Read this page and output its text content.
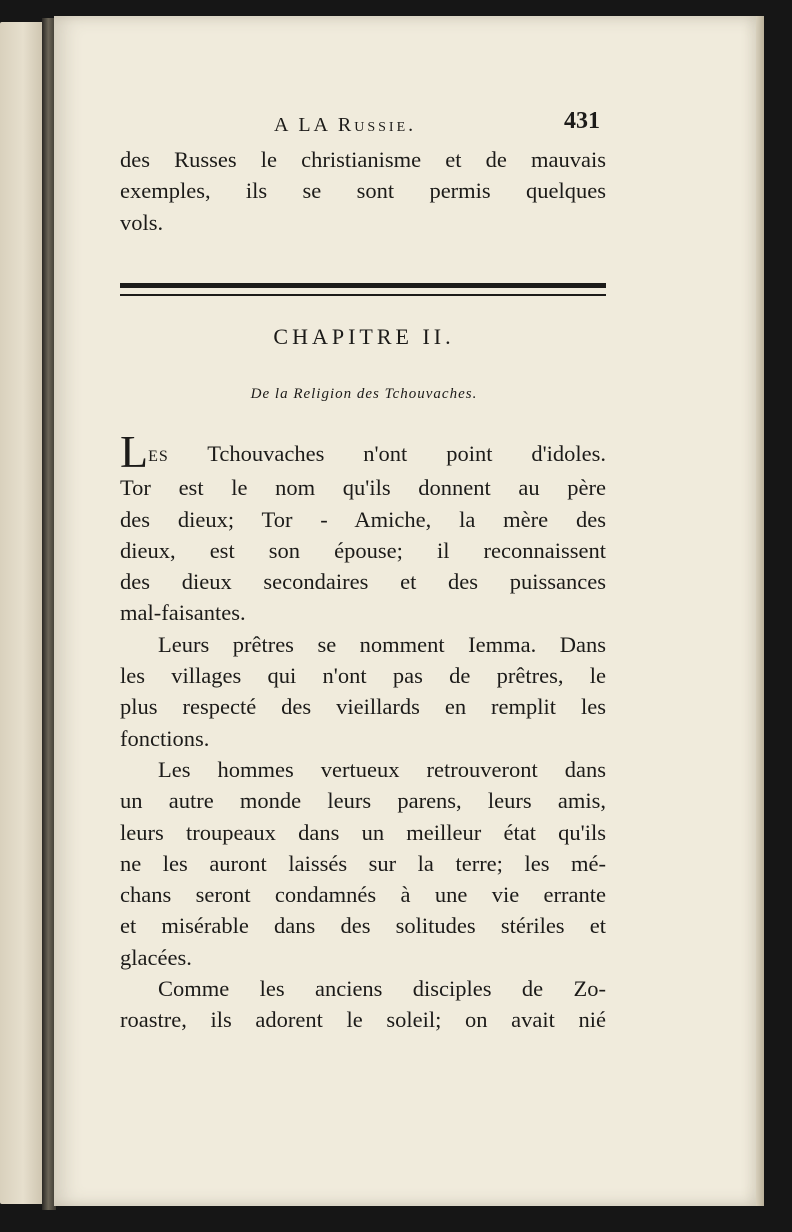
A LA Russie.	431
des Russes le christianisme et de mauvais
exemples, ils se sont permis quelques
vols.
CHAPITRE II.
De la Religion des Tchouvaches.
LES Tchouvaches n'ont point d'idoles.
Tor est le nom qu'ils donnent au père
des dieux; Tor - Amiche, la mère des
dieux, est son épouse; il reconnaissent
des dieux secondaires et des puissances
mal-faisantes.
Leurs prêtres se nomment Iemma. Dans
les villages qui n'ont pas de prêtres, le
plus respecté des vieillards en remplit les
fonctions.
Les hommes vertueux retrouveront dans
un autre monde leurs parens, leurs amis,
leurs troupeaux dans un meilleur état qu'ils
ne les auront laissés sur la terre; les mé-
chans seront condamnés à une vie errante
et misérable dans des solitudes stériles et
glacées.
Comme les anciens disciples de Zo-
roastre, ils adorent le soleil; on avait nié
